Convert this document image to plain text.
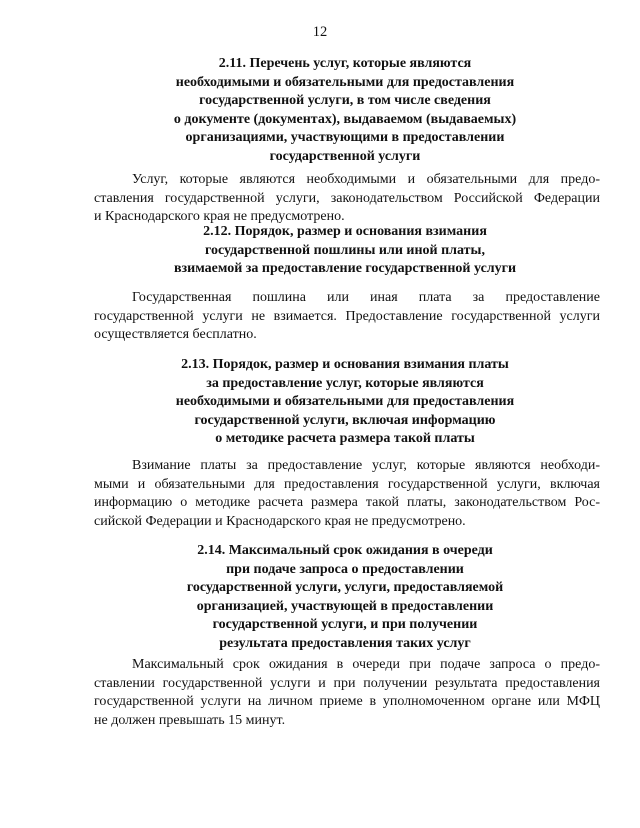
12
2.11. Перечень услуг, которые являются
необходимыми и обязательными для предоставления
государственной услуги, в том числе сведения
о документе (документах), выдаваемом (выдаваемых)
организациями, участвующими в предоставлении
государственной услуги
Услуг, которые являются необходимыми и обязательными для предо-
ставления государственной услуги, законодательством Российской Федерации
и Краснодарского края не предусмотрено.
2.12. Порядок, размер и основания взимания
государственной пошлины или иной платы,
взимаемой за предоставление государственной услуги
Государственная пошлина или иная плата за предоставление
государственной услуги не взимается. Предоставление государственной услуги
осуществляется бесплатно.
2.13. Порядок, размер и основания взимания платы
за предоставление услуг, которые являются
необходимыми и обязательными для предоставления
государственной услуги, включая информацию
о методике расчета размера такой платы
Взимание платы за предоставление услуг, которые являются необходи-
мыми и обязательными для предоставления государственной услуги, включая
информацию о методике расчета размера такой платы, законодательством Рос-
сийской Федерации и Краснодарского края не предусмотрено.
2.14. Максимальный срок ожидания в очереди
при подаче запроса о предоставлении
государственной услуги, услуги, предоставляемой
организацией, участвующей в предоставлении
государственной услуги, и при получении
результата предоставления таких услуг
Максимальный срок ожидания в очереди при подаче запроса о предо-
ставлении государственной услуги и при получении результата предоставления
государственной услуги на личном приеме в уполномоченном органе или МФЦ
не должен превышать 15 минут.
